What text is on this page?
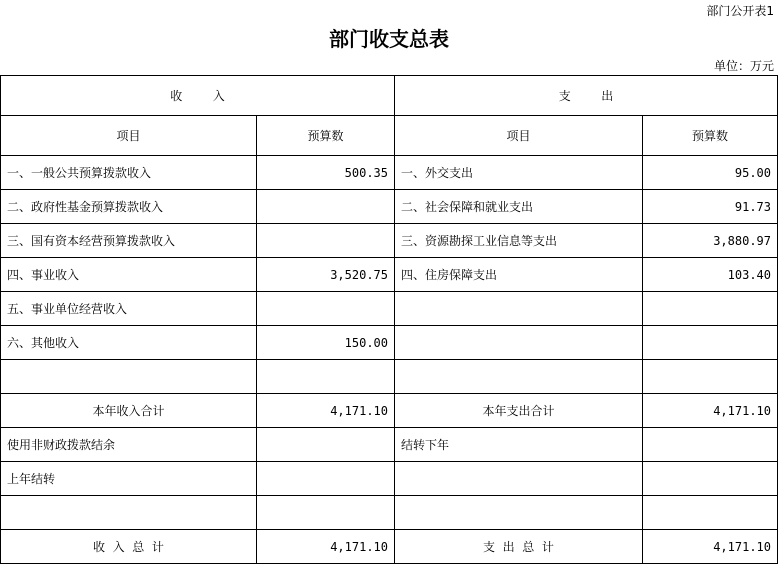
部门公开表1
部门收支总表
单位：万元
收        入		支        出	
项目	预算数	项目	预算数
一、一般公共预算拨款收入	500.35	一、外交支出	95.00
二、政府性基金预算拨款收入		二、社会保障和就业支出	91.73
三、国有资本经营预算拨款收入		三、资源勘探工业信息等支出	3,880.97
四、事业收入	3,520.75	四、住房保障支出	103.40
五、事业单位经营收入			
六、其他收入	150.00		

本年收入合计	4,171.10	本年支出合计	4,171.10
使用非财政拨款结余		结转下年	
上年结转			

收  入  总  计	4,171.10	支  出  总  计	4,171.10
